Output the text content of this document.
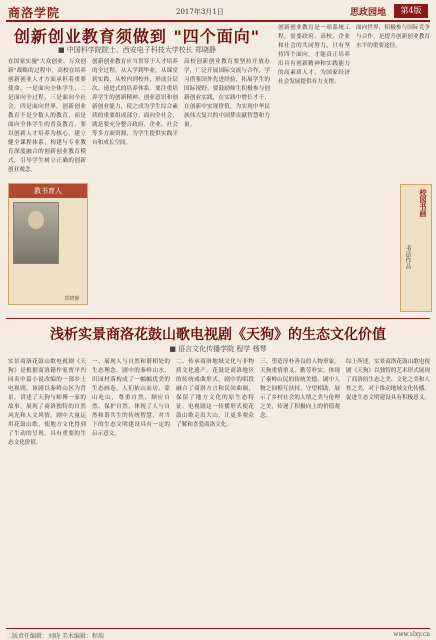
商洛学院	2017年3月1日	思政园地	第4版
创新创业教育须做到 "四个面向"
■ 中国科学院院士、西安电子科技大学校长 郑晓静
在国家实施"大众创业、万众创新"战略的过程中，高校在培养创新创业人才方面承担着重要使命。一是面向全体学生，二是面向全过程，三是面向全社会，四是面向世界。创新创业教育不是少数人的教育，而是面向全体学生的普及教育，要以创新人才培养为核心，建立健全课程体系，构建与专业教育深度融合的创新创业教育模式，引导学生树立正确的创新创业观念。
创新创业教育应当贯穿于人才培养的全过程，从入学到毕业，从课堂到实践，从校内到校外，形成分层次、递进式的培养体系。要注重培养学生的创新精神、创业意识和创新创业能力，使之成为学生综合素质的重要组成部分。面向全社会，就是要充分整合政府、企业、社会等多方面资源，为学生提供实践平台和成长空间。
高校创新创业教育要坚持开放办学，广泛开展国际交流与合作，学习借鉴国外先进经验，拓展学生的国际视野。要鼓励师生积极参与创新创业实践，在实践中增长才干，在创新中实现价值，为实现中华民族伟大复兴的中国梦贡献智慧和力量。
创新创业教育是一项系统工程，需要政府、高校、企业和社会的共同努力。只有坚持四个面向，才能真正培养出具有创新精神和实践能力的高素质人才，为国家经济社会发展提供有力支撑。
面向世界，积极参与国际竞争与合作，是提升创新创业教育水平的重要途径。
教书育人
郑晓静
校园书画
书法作品
浅析实景商洛花鼓山歌电视剧《天狗》的生态文化价值
■ 语言文化传播学院 程学 杨琴
实景商洛花鼓山歌电视剧《天狗》是根据商洛籍作家贾平凹同名中篇小说改编的一部乡土电视剧。该剧以秦岭山区为背景，讲述了天狗与师傅一家的故事，展现了商洛独特的自然风光和人文风情。剧中大量运用花鼓山歌，使地方文化得到了生动的呈现，具有重要的生态文化价值。
一、展现人与自然和谐相处的生态理念。剧中的秦岭山水、田园村落构成了一幅幅优美的生态画卷。人们依山而居、靠山吃山，尊重自然、顺应自然、保护自然，体现了人与自然和谐共生的传统智慧，对当下的生态文明建设具有一定的启示意义。
二、传承商洛地域文化与非物质文化遗产。花鼓是商洛地区的传统戏曲形式，剧中的唱段融合了商洛方言和民间曲调，保留了地方文化的原生态特征。电视剧这一传播形式使花鼓山歌走出大山，让更多观众了解和喜爱商洛文化。
三、塑造淳朴善良的人物形象。天狗重情重义、勤劳朴实，体现了秦岭山民的传统美德。剧中人物之间相互扶持、守望相助，展示了乡村社会的人情之美与伦理之美，传递了积极向上的价值观念。
综上所述，实景商洛花鼓山歌电视剧《天狗》以独特的艺术形式展现了商洛的生态之美、文化之美和人性之美，对于推动地域文化传播、促进生态文明建设具有积极意义。
二版责任编辑：刘晓 美术编辑：程瑞	www.slxy.cn
